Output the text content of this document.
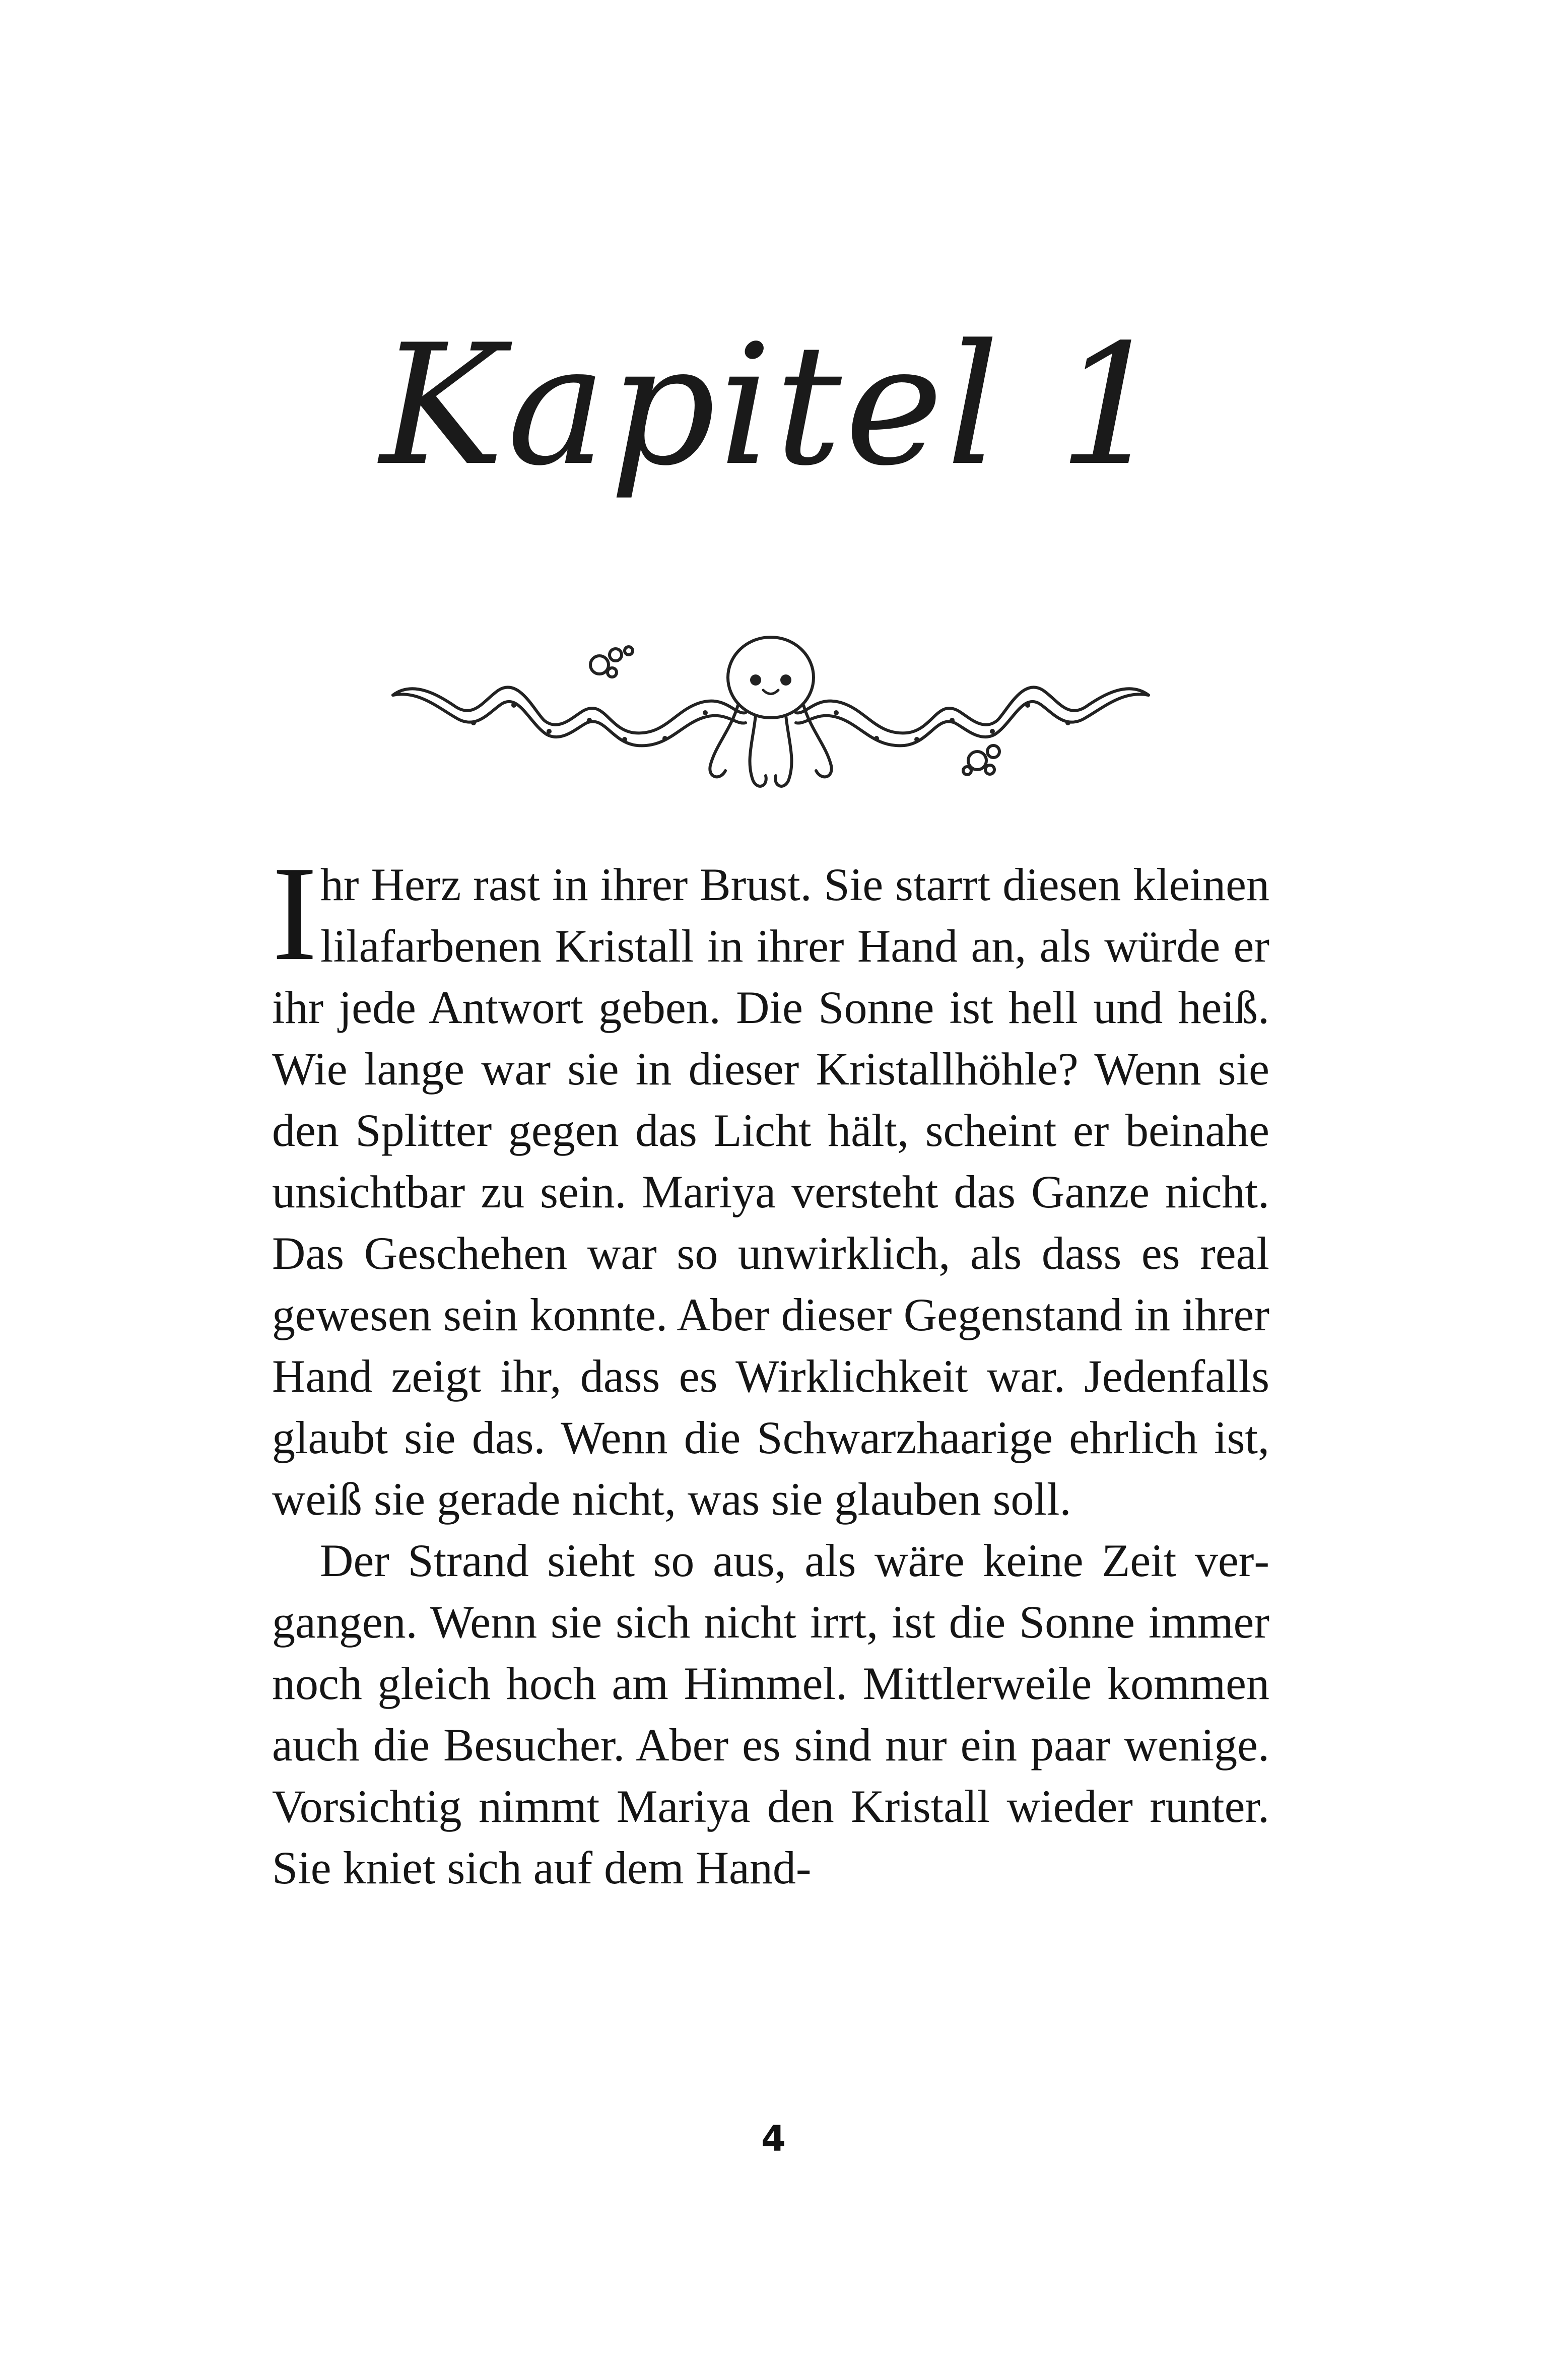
Kapitel 1

Ihr Herz rast in ihrer Brust. Sie starrt diesen kleinen lilafarbenen Kristall in ihrer Hand an, als würde er ihr jede Antwort geben. Die Sonne ist hell und heiß. Wie lange war sie in dieser Kristallhöhle? Wenn sie den Splitter gegen das Licht hält, scheint er beinahe unsichtbar zu sein. Mariya versteht das Ganze nicht. Das Geschehen war so unwirklich, als dass es real gewesen sein konnte. Aber dieser Gegenstand in ihrer Hand zeigt ihr, dass es Wirklichkeit war. Jedenfalls glaubt sie das. Wenn die Schwarzhaarige ehrlich ist, weiß sie gerade nicht, was sie glauben soll.

Der Strand sieht so aus, als wäre keine Zeit vergangen. Wenn sie sich nicht irrt, ist die Sonne immer noch gleich hoch am Himmel. Mittlerweile kommen auch die Besucher. Aber es sind nur ein paar wenige. Vorsichtig nimmt Mariya den Kristall wieder runter. Sie kniet sich auf dem Hand-

4
